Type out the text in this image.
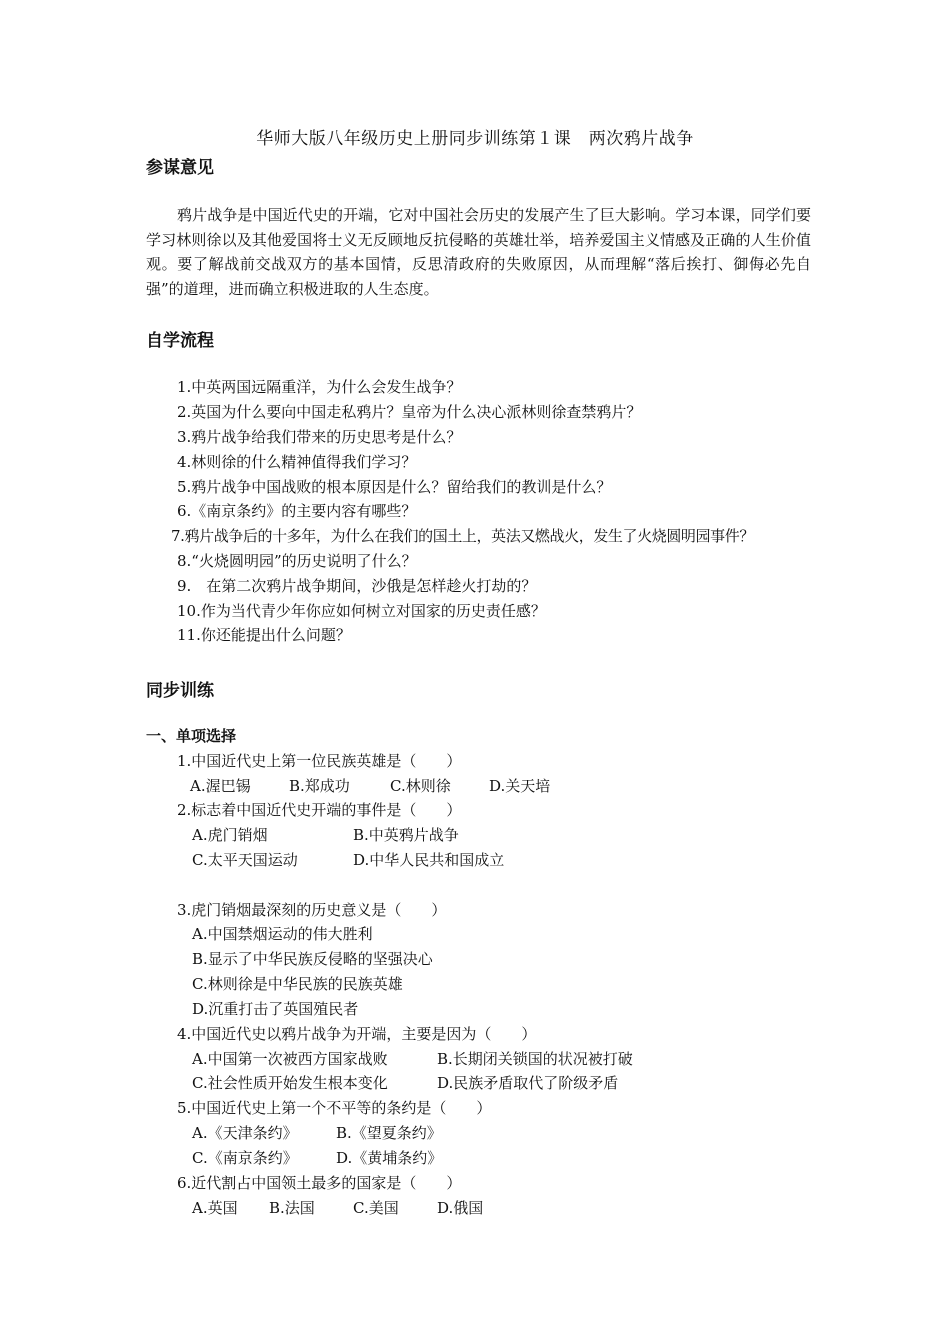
华师大版八年级历史上册同步训练第１课　两次鸦片战争
参谋意见
鸦片战争是中国近代史的开端，它对中国社会历史的发展产生了巨大影响。学习本课，同学们要学习林则徐以及其他爱国将士义无反顾地反抗侵略的英雄壮举，培养爱国主义情感及正确的人生价值观。要了解战前交战双方的基本国情，反思清政府的失败原因，从而理解“落后挨打、御侮必先自强”的道理，进而确立积极进取的人生态度。
自学流程
1.中英两国远隔重洋，为什么会发生战争？
2.英国为什么要向中国走私鸦片？皇帝为什么决心派林则徐查禁鸦片？
3.鸦片战争给我们带来的历史思考是什么？
4.林则徐的什么精神值得我们学习？
5.鸦片战争中国战败的根本原因是什么？留给我们的教训是什么？
6.《南京条约》的主要内容有哪些？
7.鸦片战争后的十多年，为什么在我们的国土上，英法又燃战火，发生了火烧圆明园事件？
8.“火烧圆明园”的历史说明了什么？
9.　在第二次鸦片战争期间，沙俄是怎样趁火打劫的？
10.作为当代青少年你应如何树立对国家的历史责任感？
11.你还能提出什么问题？
同步训练
一、单项选择
1.中国近代史上第一位民族英雄是（　　）
A.渥巴锡	B.郑成功	C.林则徐	D.关天培
2.标志着中国近代史开端的事件是（　　）
A.虎门销烟	B.中英鸦片战争
C.太平天国运动	D.中华人民共和国成立
3.虎门销烟最深刻的历史意义是（　　）
A.中国禁烟运动的伟大胜利
B.显示了中华民族反侵略的坚强决心
C.林则徐是中华民族的民族英雄
D.沉重打击了英国殖民者
4.中国近代史以鸦片战争为开端，主要是因为（　　）
A.中国第一次被西方国家战败	B.长期闭关锁国的状况被打破
C.社会性质开始发生根本变化	D.民族矛盾取代了阶级矛盾
5.中国近代史上第一个不平等的条约是（　　）
A.《天津条约》	B.《望夏条约》
C.《南京条约》	D.《黄埔条约》
6.近代割占中国领土最多的国家是（　　）
A.英国 B.法国	C.美国	D.俄国
